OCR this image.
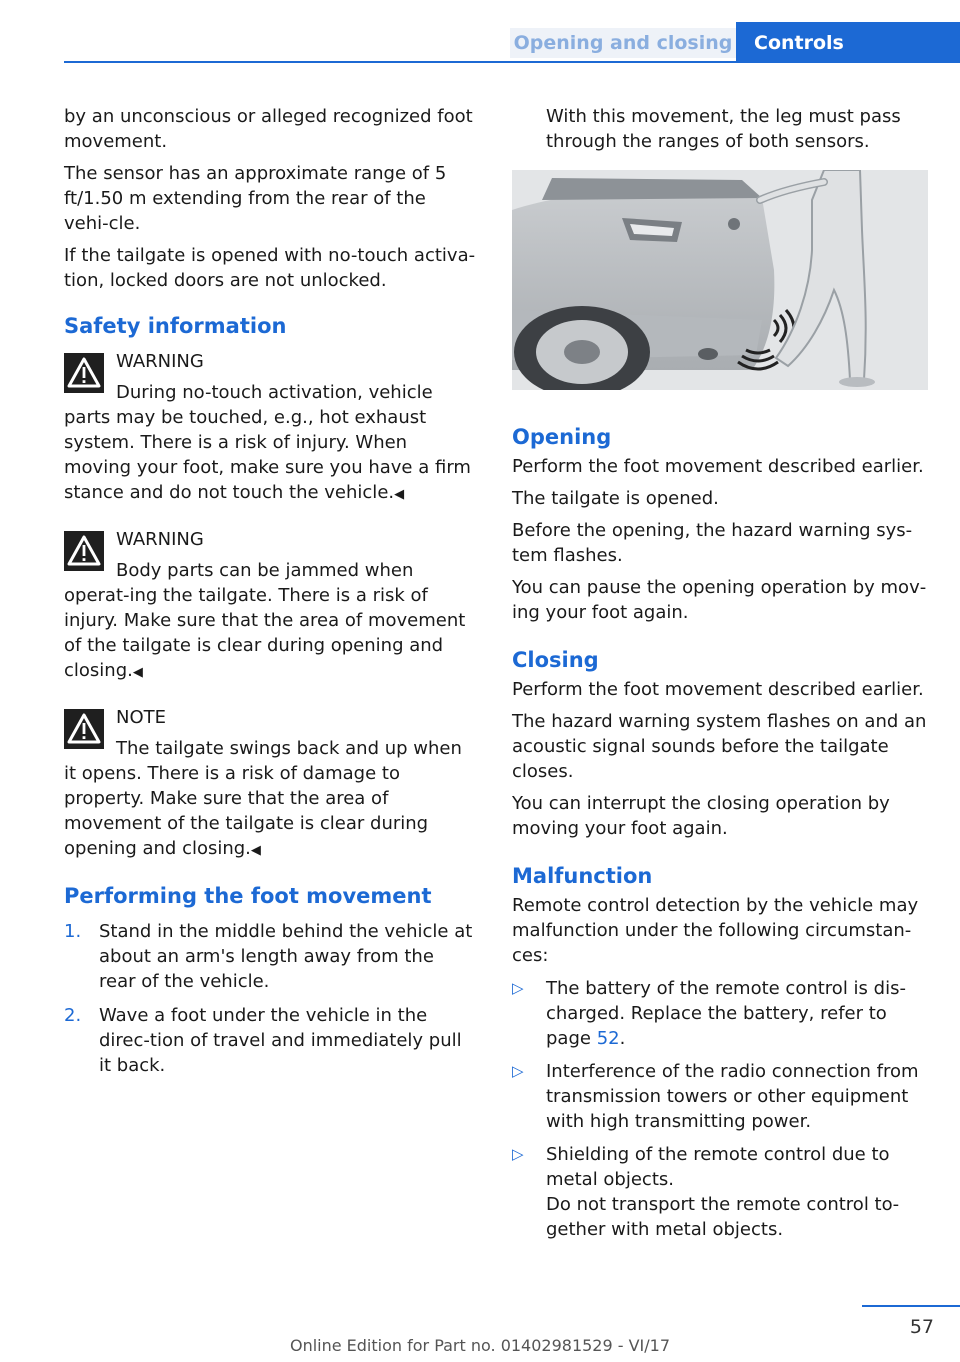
Opening and closing	Controls

by an unconscious or alleged recognized foot movement.

The sensor has an approximate range of 5 ft/1.50 m extending from the rear of the vehi‐cle.

If the tailgate is opened with no-touch activa‐tion, locked doors are not unlocked.

Safety information
WARNING

During no-touch activation, vehicle parts may be touched, e.g., hot exhaust system. There is a risk of injury. When moving your foot, make sure you have a firm stance and do not touch the vehicle.◀

WARNING

Body parts can be jammed when operat‐ing the tailgate. There is a risk of injury. Make sure that the area of movement of the tailgate is clear during opening and closing.◀

NOTE

The tailgate swings back and up when it opens. There is a risk of damage to property. Make sure that the area of movement of the tailgate is clear during opening and closing.◀

Performing the foot movement
1. Stand in the middle behind the vehicle at about an arm's length away from the rear of the vehicle.
2. Wave a foot under the vehicle in the direc‐tion of travel and immediately pull it back.

With this movement, the leg must pass through the ranges of both sensors.

Opening

Perform the foot movement described earlier.

The tailgate is opened.

Before the opening, the hazard warning sys‐tem flashes.

You can pause the opening operation by mov‐ing your foot again.

Closing

Perform the foot movement described earlier.

The hazard warning system flashes on and an acoustic signal sounds before the tailgate closes.

You can interrupt the closing operation by moving your foot again.

Malfunction

Remote control detection by the vehicle may malfunction under the following circumstan‐ces:

▷ The battery of the remote control is dis‐charged. Replace the battery, refer to page 52.
▷ Interference of the radio connection from transmission towers or other equipment with high transmitting power.
▷ Shielding of the remote control due to metal objects.

Do not transport the remote control to‐gether with metal objects.

57
Online Edition for Part no. 01402981529 - VI/17
